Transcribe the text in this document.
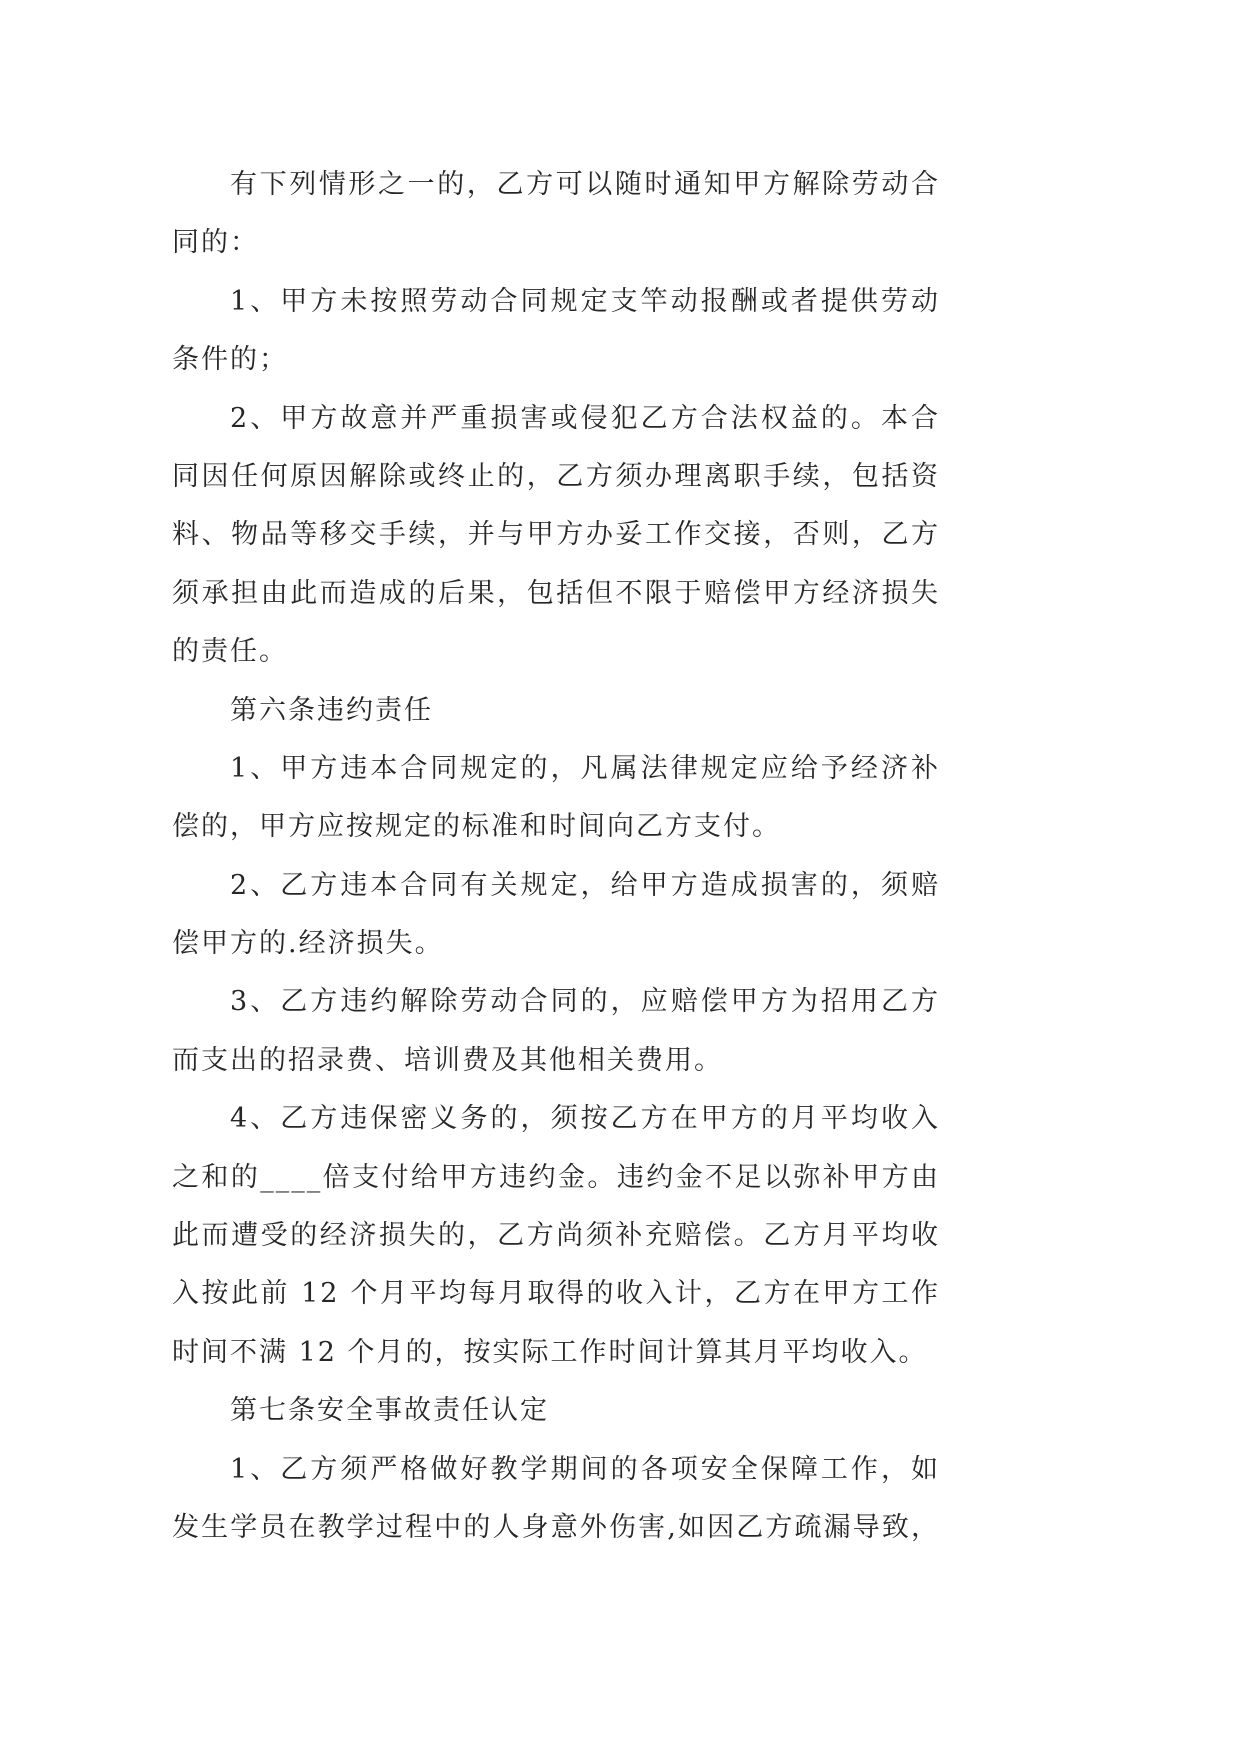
有下列情形之一的，乙方可以随时通知甲方解除劳动合
同的：
1、甲方未按照劳动合同规定支竿动报酬或者提供劳动
条件的；
2、甲方故意并严重损害或侵犯乙方合法权益的。本合
同因任何原因解除或终止的，乙方须办理离职手续，包括资
料、物品等移交手续，并与甲方办妥工作交接，否则，乙方
须承担由此而造成的后果，包括但不限于赔偿甲方经济损失
的责任。
第六条违约责任
1、甲方违本合同规定的，凡属法律规定应给予经济补
偿的，甲方应按规定的标准和时间向乙方支付。
2、乙方违本合同有关规定，给甲方造成损害的，须赔
偿甲方的.经济损失。
3、乙方违约解除劳动合同的，应赔偿甲方为招用乙方
而支出的招录费、培训费及其他相关费用。
4、乙方违保密义务的，须按乙方在甲方的月平均收入
之和的____倍支付给甲方违约金。违约金不足以弥补甲方由
此而遭受的经济损失的，乙方尚须补充赔偿。乙方月平均收
入按此前 12 个月平均每月取得的收入计，乙方在甲方工作
时间不满 12 个月的，按实际工作时间计算其月平均收入。
第七条安全事故责任认定
1、乙方须严格做好教学期间的各项安全保障工作，如
发生学员在教学过程中的人身意外伤害,如因乙方疏漏导致，
